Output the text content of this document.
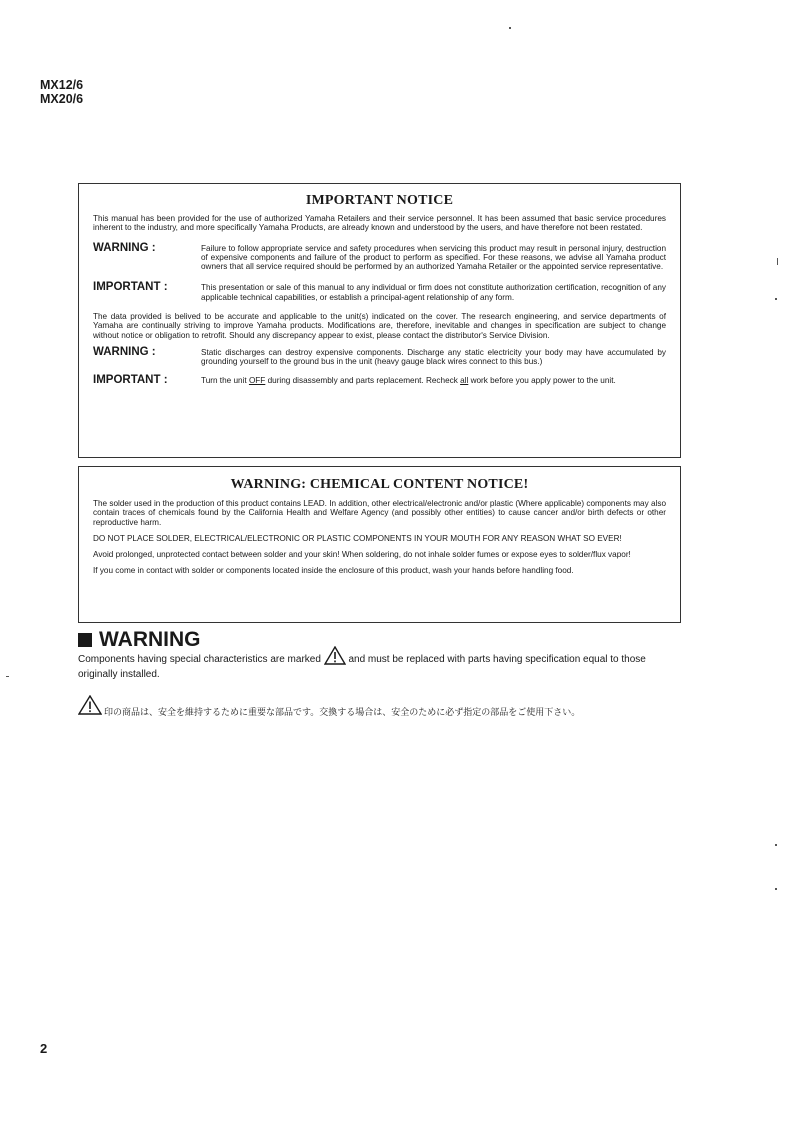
MX12/6
MX20/6
IMPORTANT NOTICE
This manual has been provided for the use of authorized Yamaha Retailers and their service personnel. It has been assumed that basic service procedures inherent to the industry, and more specifically Yamaha Products, are already known and understood by the users, and have therefore not been restated.
WARNING :	Failure to follow appropriate service and safety procedures when servicing this product may result in personal injury, destruction of expensive components and failure of the product to perform as specified. For these reasons, we advise all Yamaha product owners that all service required should be performed by an authorized Yamaha Retailer or the appointed service representative.
IMPORTANT :	This presentation or sale of this manual to any individual or firm does not constitute authorization certification, recognition of any applicable technical capabilities, or establish a principal-agent relationship of any form.
The data provided is belived to be accurate and applicable to the unit(s) indicated on the cover. The research engineering, and service departments of Yamaha are continually striving to improve Yamaha products. Modifications are, therefore, inevitable and changes in specification are subject to change without notice or obligation to retrofit. Should any discrepancy appear to exist, please contact the distributor's Service Division.
WARNING :	Static discharges can destroy expensive components. Discharge any static electricity your body may have accumulated by grounding yourself to the ground bus in the unit (heavy gauge black wires connect to this bus.)
IMPORTANT :	Turn the unit OFF during disassembly and parts replacement. Recheck all work before you apply power to the unit.
WARNING: CHEMICAL CONTENT NOTICE!
The solder used in the production of this product contains LEAD. In addition, other electrical/electronic and/or plastic (Where applicable) components may also contain traces of chemicals found by the California Health and Welfare Agency (and possibly other entities) to cause cancer and/or birth defects or other reproductive harm.
DO NOT PLACE SOLDER, ELECTRICAL/ELECTRONIC OR PLASTIC COMPONENTS IN YOUR MOUTH FOR ANY REASON WHAT SO EVER!
Avoid prolonged, unprotected contact between solder and your skin! When soldering, do not inhale solder fumes or expose eyes to solder/flux vapor!
If you come in contact with solder or components located inside the enclosure of this product, wash your hands before handling food.
WARNING
Components having special characteristics are marked	and must be replaced with parts having specification equal to those originally installed.
印の商品は、安全を維持するために重要な部品です。交換する場合は、安全のために必ず指定の部品をご使用下さい。
2
